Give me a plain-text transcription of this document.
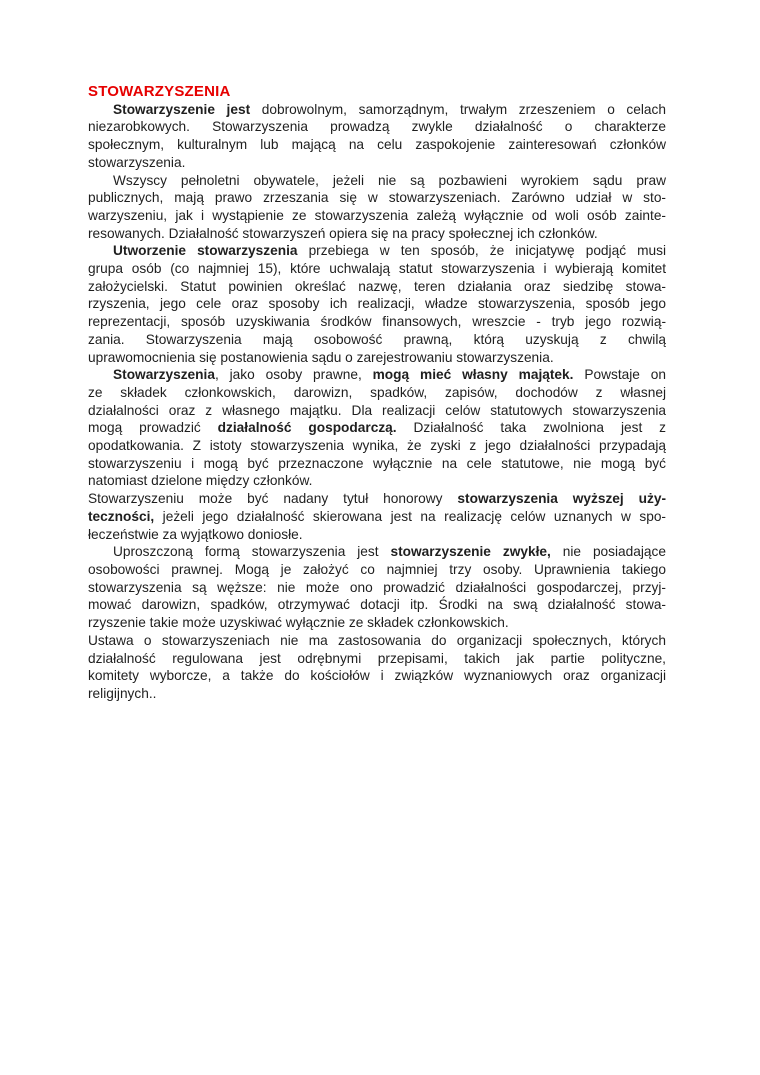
STOWARZYSZENIA
Stowarzyszenie jest dobrowolnym, samorządnym, trwałym zrzeszeniem o celach
niezarobkowych. Stowarzyszenia prowadzą zwykle działalność o charakterze
społecznym, kulturalnym lub mającą na celu zaspokojenie zainteresowań członków
stowarzyszenia.
Wszyscy pełnoletni obywatele, jeżeli nie są pozbawieni wyrokiem sądu praw
publicznych, mają prawo zrzeszania się w stowarzyszeniach. Zarówno udział w sto-
warzyszeniu, jak i wystąpienie ze stowarzyszenia zależą wyłącznie od woli osób zainte-
resowanych. Działalność stowarzyszeń opiera się na pracy społecznej ich członków.
Utworzenie stowarzyszenia przebiega w ten sposób, że inicjatywę podjąć musi
grupa osób (co najmniej 15), które uchwalają statut stowarzyszenia i wybierają komitet
założycielski. Statut powinien określać nazwę, teren działania oraz siedzibę stowa-
rzyszenia, jego cele oraz sposoby ich realizacji, władze stowarzyszenia, sposób jego
reprezentacji, sposób uzyskiwania środków finansowych, wreszcie - tryb jego rozwią-
zania. Stowarzyszenia mają osobowość prawną, którą uzyskują z chwilą
uprawomocnienia się postanowienia sądu o zarejestrowaniu stowarzyszenia.
Stowarzyszenia, jako osoby prawne, mogą mieć własny majątek. Powstaje on
ze składek członkowskich, darowizn, spadków, zapisów, dochodów z własnej
działalności oraz z własnego majątku. Dla realizacji celów statutowych stowarzyszenia
mogą prowadzić działalność gospodarczą. Działalność taka zwolniona jest z
opodatkowania. Z istoty stowarzyszenia wynika, że zyski z jego działalności przypadają
stowarzyszeniu i mogą być przeznaczone wyłącznie na cele statutowe, nie mogą być
natomiast dzielone między członków.
Stowarzyszeniu może być nadany tytuł honorowy stowarzyszenia wyższej uży-
teczności, jeżeli jego działalność skierowana jest na realizację celów uznanych w spo-
łeczeństwie za wyjątkowo doniosłe.
Uproszczoną formą stowarzyszenia jest stowarzyszenie zwykłe, nie posiadające
osobowości prawnej. Mogą je założyć co najmniej trzy osoby. Uprawnienia takiego
stowarzyszenia są węższe: nie może ono prowadzić działalności gospodarczej, przyj-
mować darowizn, spadków, otrzymywać dotacji itp. Środki na swą działalność stowa-
rzyszenie takie może uzyskiwać wyłącznie ze składek członkowskich.
Ustawa o stowarzyszeniach nie ma zastosowania do organizacji społecznych, których
działalność regulowana jest odrębnymi przepisami, takich jak partie polityczne,
komitety wyborcze, a także do kościołów i związków wyznaniowych oraz organizacji
religijnych..
